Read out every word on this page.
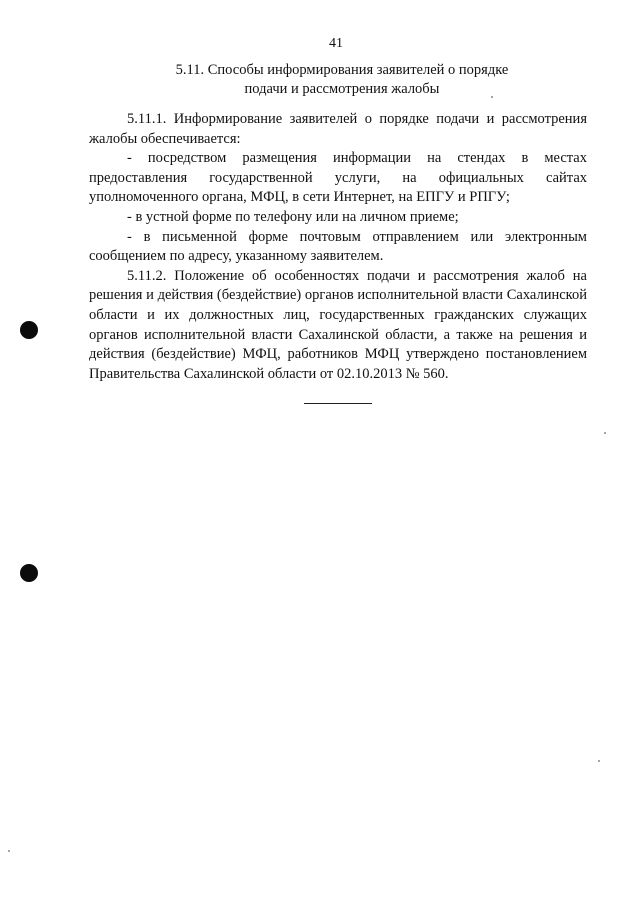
41
5.11. Способы информирования заявителей о порядке
подачи и рассмотрения жалобы

5.11.1. Информирование заявителей о порядке подачи и рассмотрения жалобы обеспечивается:

- посредством размещения информации на стендах в местах предоставления государственной услуги, на официальных сайтах уполномоченного органа, МФЦ, в сети Интернет, на ЕПГУ и РПГУ;

- в устной форме по телефону или на личном приеме;

- в письменной форме почтовым отправлением или электронным сообщением по адресу, указанному заявителем.

5.11.2. Положение об особенностях подачи и рассмотрения жалоб на решения и действия (бездействие) органов исполнительной власти Сахалинской области и их должностных лиц, государственных гражданских служащих органов исполнительной власти Сахалинской области, а также на решения и действия (бездействие) МФЦ, работников МФЦ утверждено постановлением Правительства Сахалинской области от 02.10.2013 № 560.
